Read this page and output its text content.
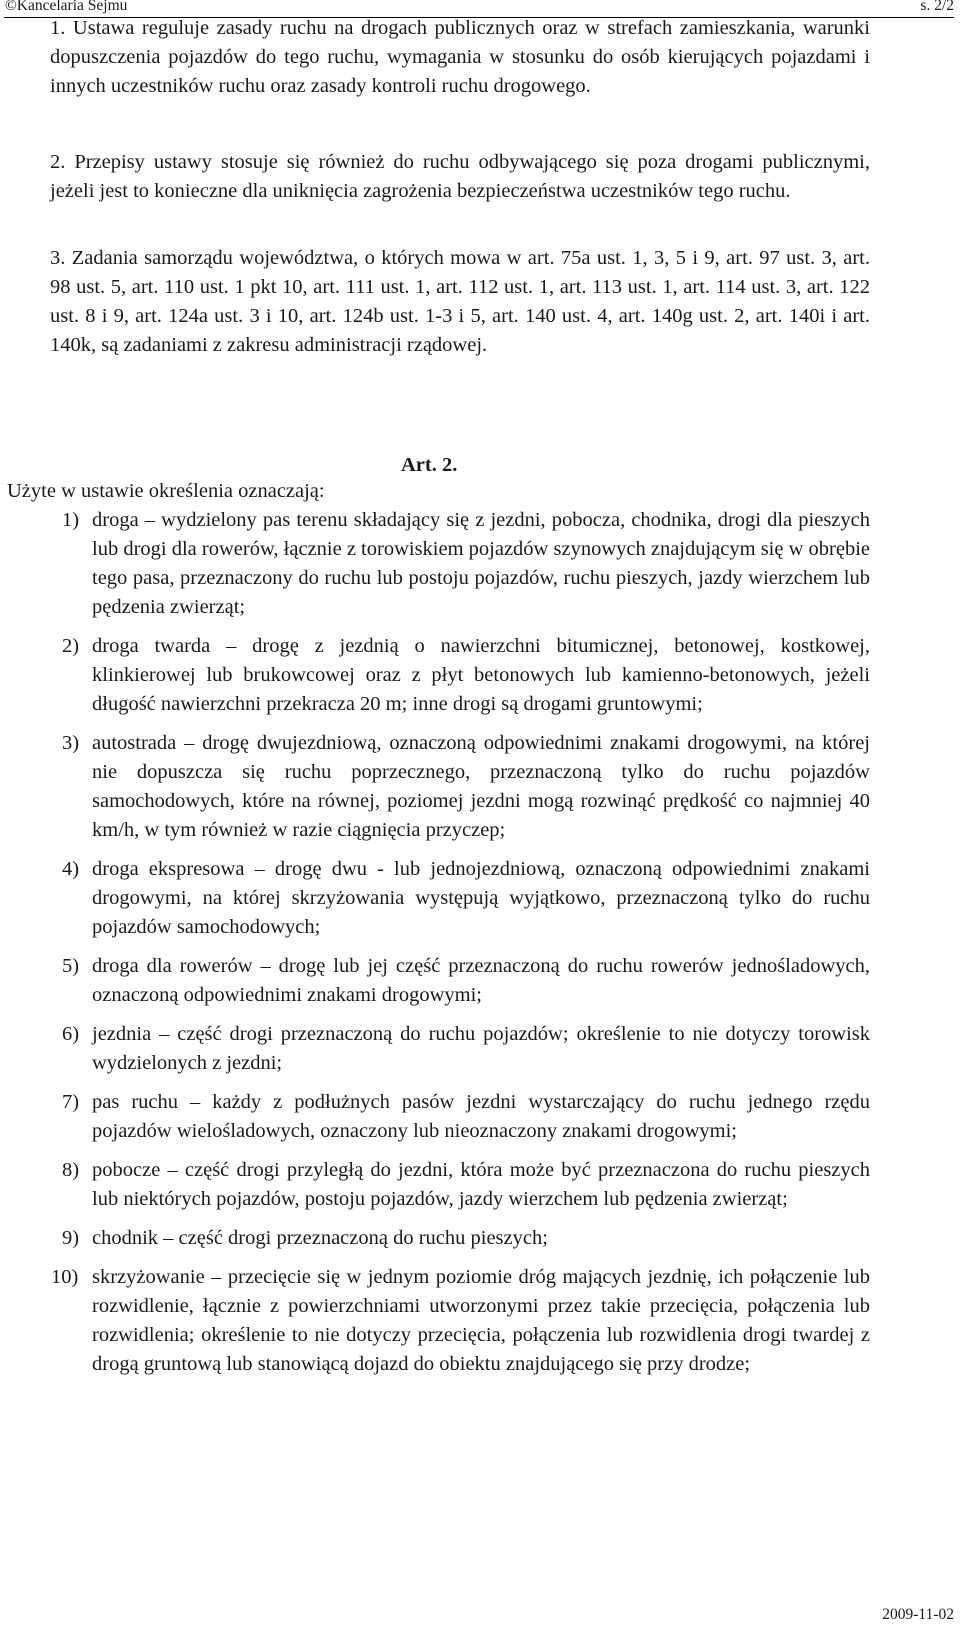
©Kancelaria Sejmu	s. 2/2
1. Ustawa reguluje zasady ruchu na drogach publicznych oraz w strefach zamieszkania, warunki dopuszczenia pojazdów do tego ruchu, wymagania w stosunku do osób kierujących pojazdami i innych uczestników ruchu oraz zasady kontroli ruchu drogowego.
2. Przepisy ustawy stosuje się również do ruchu odbywającego się poza drogami publicznymi, jeżeli jest to konieczne dla uniknięcia zagrożenia bezpieczeństwa uczestników tego ruchu.
3. Zadania samorządu województwa, o których mowa w art. 75a ust. 1, 3, 5 i 9, art. 97 ust. 3, art. 98 ust. 5, art. 110 ust. 1 pkt 10, art. 111 ust. 1, art. 112 ust. 1, art. 113 ust. 1, art. 114 ust. 3, art. 122 ust. 8 i 9, art. 124a ust. 3 i 10, art. 124b ust. 1-3 i 5, art. 140 ust. 4, art. 140g ust. 2, art. 140i i art. 140k, są zadaniami z zakresu administracji rządowej.
Art. 2.
Użyte w ustawie określenia oznaczają:
1) droga – wydzielony pas terenu składający się z jezdni, pobocza, chodnika, drogi dla pieszych lub drogi dla rowerów, łącznie z torowiskiem pojazdów szynowych znajdującym się w obrębie tego pasa, przeznaczony do ruchu lub postoju pojazdów, ruchu pieszych, jazdy wierzchem lub pędzenia zwierząt;
2) droga twarda – drogę z jezdnią o nawierzchni bitumicznej, betonowej, kostkowej, klinkierowej lub brukowcowej oraz z płyt betonowych lub kamienno-betonowych, jeżeli długość nawierzchni przekracza 20 m; inne drogi są drogami gruntowymi;
3) autostrada – drogę dwujezdniową, oznaczoną odpowiednimi znakami drogowymi, na której nie dopuszcza się ruchu poprzecznego, przeznaczoną tylko do ruchu pojazdów samochodowych, które na równej, poziomej jezdni mogą rozwinąć prędkość co najmniej 40 km/h, w tym również w razie ciągnięcia przyczep;
4) droga ekspresowa – drogę dwu - lub jednojezdniową, oznaczoną odpowiednimi znakami drogowymi, na której skrzyżowania występują wyjątkowo, przeznaczoną tylko do ruchu pojazdów samochodowych;
5) droga dla rowerów – drogę lub jej część przeznaczoną do ruchu rowerów jednośladowych, oznaczoną odpowiednimi znakami drogowymi;
6) jezdnia – część drogi przeznaczoną do ruchu pojazdów; określenie to nie dotyczy torowisk wydzielonych z jezdni;
7) pas ruchu – każdy z podłużnych pasów jezdni wystarczający do ruchu jednego rzędu pojazdów wielośladowych, oznaczony lub nieoznaczony znakami drogowymi;
8) pobocze – część drogi przyległą do jezdni, która może być przeznaczona do ruchu pieszych lub niektórych pojazdów, postoju pojazdów, jazdy wierzchem lub pędzenia zwierząt;
9) chodnik – część drogi przeznaczoną do ruchu pieszych;
10) skrzyżowanie – przecięcie się w jednym poziomie dróg mających jezdnię, ich połączenie lub rozwidlenie, łącznie z powierzchniami utworzonymi przez takie przecięcia, połączenia lub rozwidlenia; określenie to nie dotyczy przecięcia, połączenia lub rozwidlenia drogi twardej z drogą gruntową lub stanowiącą dojazd do obiektu znajdującego się przy drodze;
2009-11-02
